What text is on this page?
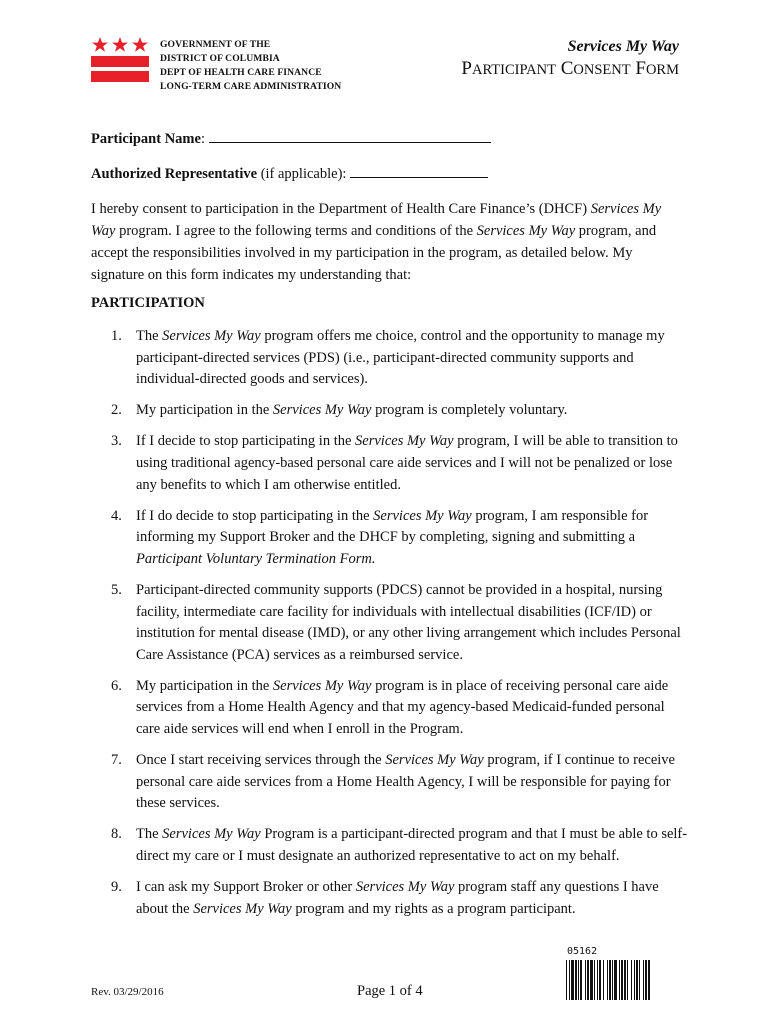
GOVERNMENT OF THE
DISTRICT OF COLUMBIA
DEPT OF HEALTH CARE FINANCE
LONG-TERM CARE ADMINISTRATION
Services My Way
PARTICIPANT CONSENT FORM
Participant Name:
Authorized Representative (if applicable):
I hereby consent to participation in the Department of Health Care Finance’s (DHCF) Services My Way program. I agree to the following terms and conditions of the Services My Way program, and accept the responsibilities involved in my participation in the program, as detailed below. My signature on this form indicates my understanding that:
PARTICIPATION
1. The Services My Way program offers me choice, control and the opportunity to manage my participant-directed services (PDS) (i.e., participant-directed community supports and individual-directed goods and services).
2. My participation in the Services My Way program is completely voluntary.
3. If I decide to stop participating in the Services My Way program, I will be able to transition to using traditional agency-based personal care aide services and I will not be penalized or lose any benefits to which I am otherwise entitled.
4. If I do decide to stop participating in the Services My Way program, I am responsible for informing my Support Broker and the DHCF by completing, signing and submitting a Participant Voluntary Termination Form.
5. Participant-directed community supports (PDCS) cannot be provided in a hospital, nursing facility, intermediate care facility for individuals with intellectual disabilities (ICF/ID) or institution for mental disease (IMD), or any other living arrangement which includes Personal Care Assistance (PCA) services as a reimbursed service.
6. My participation in the Services My Way program is in place of receiving personal care aide services from a Home Health Agency and that my agency-based Medicaid-funded personal care aide services will end when I enroll in the Program.
7. Once I start receiving services through the Services My Way program, if I continue to receive personal care aide services from a Home Health Agency, I will be responsible for paying for these services.
8. The Services My Way Program is a participant-directed program and that I must be able to self-direct my care or I must designate an authorized representative to act on my behalf.
9. I can ask my Support Broker or other Services My Way program staff any questions I have about the Services My Way program and my rights as a program participant.
Rev. 03/29/2016	Page 1 of 4
05162
